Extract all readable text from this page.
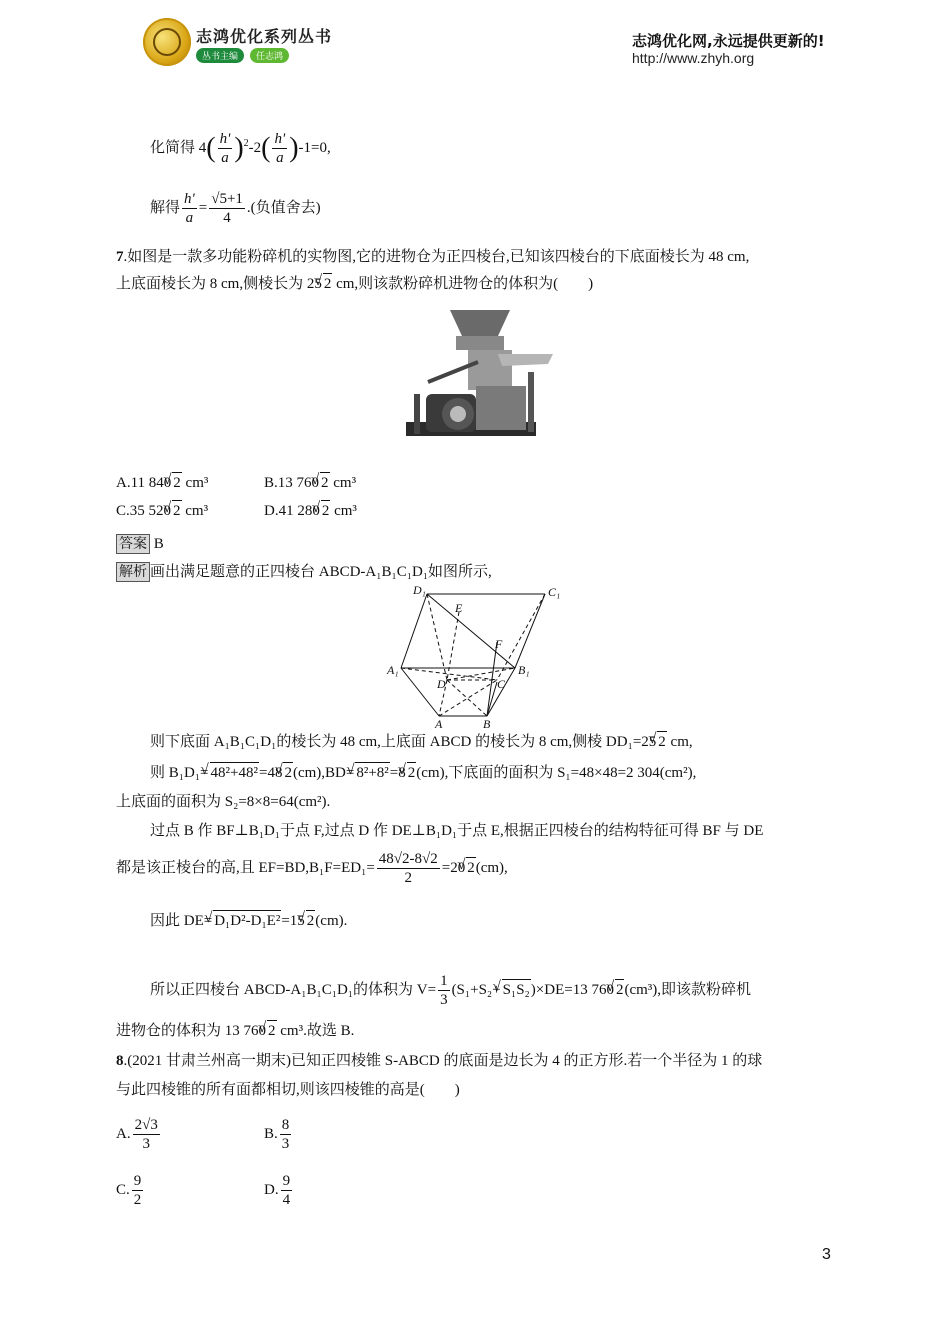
志鸿优化系列丛书
丛书主编	任志鸿
志鸿优化网,永远提供更新的!
http://www.zhyh.org
化简得 $4( \frac{h'}{a} )^2-2( \frac{h'}{a} )-1=0$,
解得 $\frac{h'}{a} = \frac{√5+1}{4}$ .(负值舍去)
7.如图是一款多功能粉碎机的实物图,它的进物仓为正四棱台,已知该四棱台的下底面棱长为 48 cm,
上底面棱长为 8 cm,侧棱长为 25√ 2 cm,则该款粉碎机进物仓的体积为(　　)
A.11 840√ 2 cm³	B.13 760√ 2 cm³
C.35 520√ 2 cm³	D.41 280√ 2 cm³
答案 B
解析 画出满足题意的正四棱台 ABCD-A₁B₁C₁D₁如图所示,
D₁
E
C₁
F
A₁	B₁
D	C
A	B
则下底面 A₁B₁C₁D₁的棱长为 48 cm,上底面 ABCD 的棱长为 8 cm,侧棱 DD₁=25√ 2 cm,
则 B₁D₁=√ 48²+48²=48√ 2(cm),BD=√ 8²+8²=8√ 2(cm),下底面的面积为 S₁=48×48=2 304(cm²),
上底面的面积为 S₂=8×8=64(cm²).
过点 B 作 BF⊥B₁D₁于点 F,过点 D 作 DE⊥B₁D₁于点 E,根据正四棱台的结构特征可得 BF 与 DE
都是该正棱台的高,且 $EF=BD,B_1F=ED_1= \frac{48√2-8√2}{2} =20√$ 2(cm),
因此 DE=√ D₁D²-D₁E²=15√ 2(cm).
所以正四棱台 ABCD-A₁B₁C₁D₁的体积为 $V= \frac{1}{3} (S_1+S_2+√$ S₁S₂)×DE=13 760√ 2(cm³),即该款粉碎机
进物仓的体积为 13 760√ 2 cm³.故选 B.
8.(2021 甘肃兰州高一期末)已知正四棱锥 S-ABCD 的底面是边长为 4 的正方形.若一个半径为 1 的球
与此四棱锥的所有面都相切,则该四棱锥的高是(　　)
A. $\frac{2√3}{3}$	B. $\frac{8}{3}$
C. $\frac{9}{2}$	D. $\frac{9}{4}$
3
